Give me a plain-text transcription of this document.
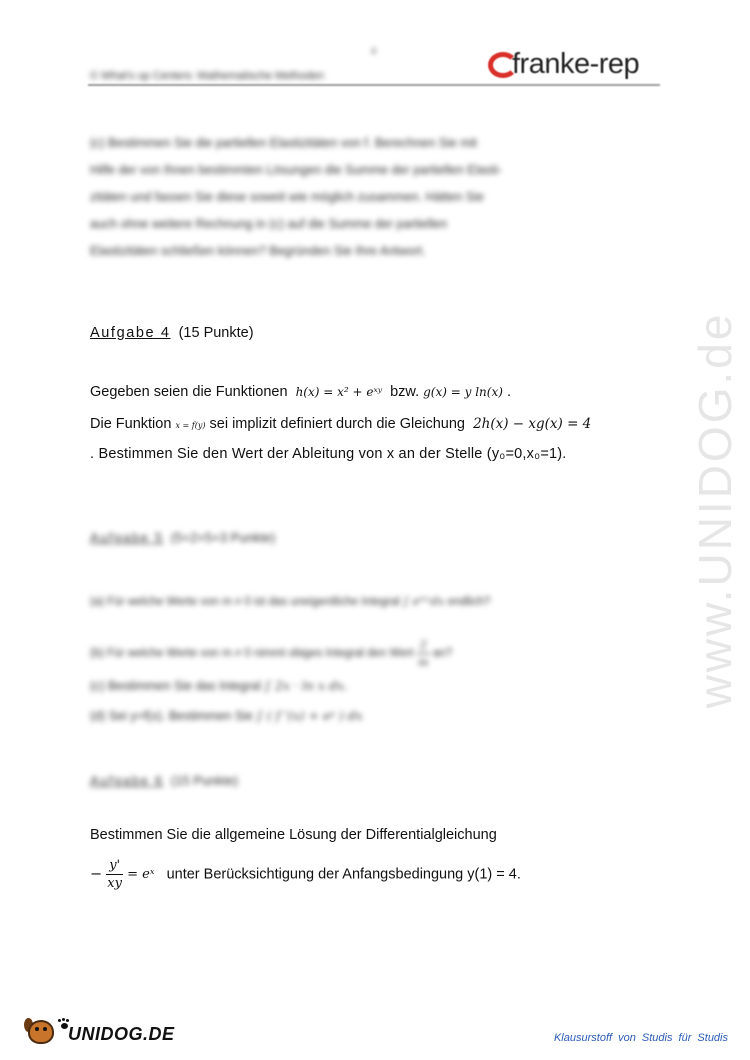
4
© What's up Centers: Mathematische Methoden	franke-rep
www.UNIDOG.de

(c) Bestimmen Sie die partiellen Elastizitäten von f. Berechnen Sie mit

Hilfe der von Ihnen bestimmten Lösungen die Summe der partiellen Elasti-

zitäten und fassen Sie diese soweit wie möglich zusammen. Hätten Sie

auch ohne weitere Rechnung in (c) auf die Summe der partiellen

Elastizitäten schließen können? Begründen Sie Ihre Antwort.

Aufgabe 4 (15 Punkte)
Gegeben seien die Funktionen h(x) = x² + eˣʸ bzw. g(x) = y ln(x) .
Die Funktion x = f(y) sei implizit definiert durch die Gleichung 2h(x) − xg(x) = 4
. Bestimmen Sie den Wert der Ableitung von x an der Stelle (y₀=0,x₀=1).
Aufgabe 5 (5+2+5+3 Punkte)
(a) Für welche Werte von m ≠ 0 ist das uneigentliche Integral ∫ eᵐˣdx endlich?
(b) Für welche Werte von m ≠ 0 nimmt obiges Integral den Wert $\frac{2}{m}$ an?
(c) Bestimmen Sie das Integral ∫ 2x · ln x dx.
(d) Sei y=f(x). Bestimmen Sie ∫ ( f '(x) + eʸ ) dx
Aufgabe 6 (15 Punkte)
Bestimmen Sie die allgemeine Lösung der Differentialgleichung
− $\frac{y'}{xy}$ = eˣ unter Berücksichtigung der Anfangsbedingung y(1) = 4.
UNIDOG.DE	Klausurstoff von Studis für Studis
